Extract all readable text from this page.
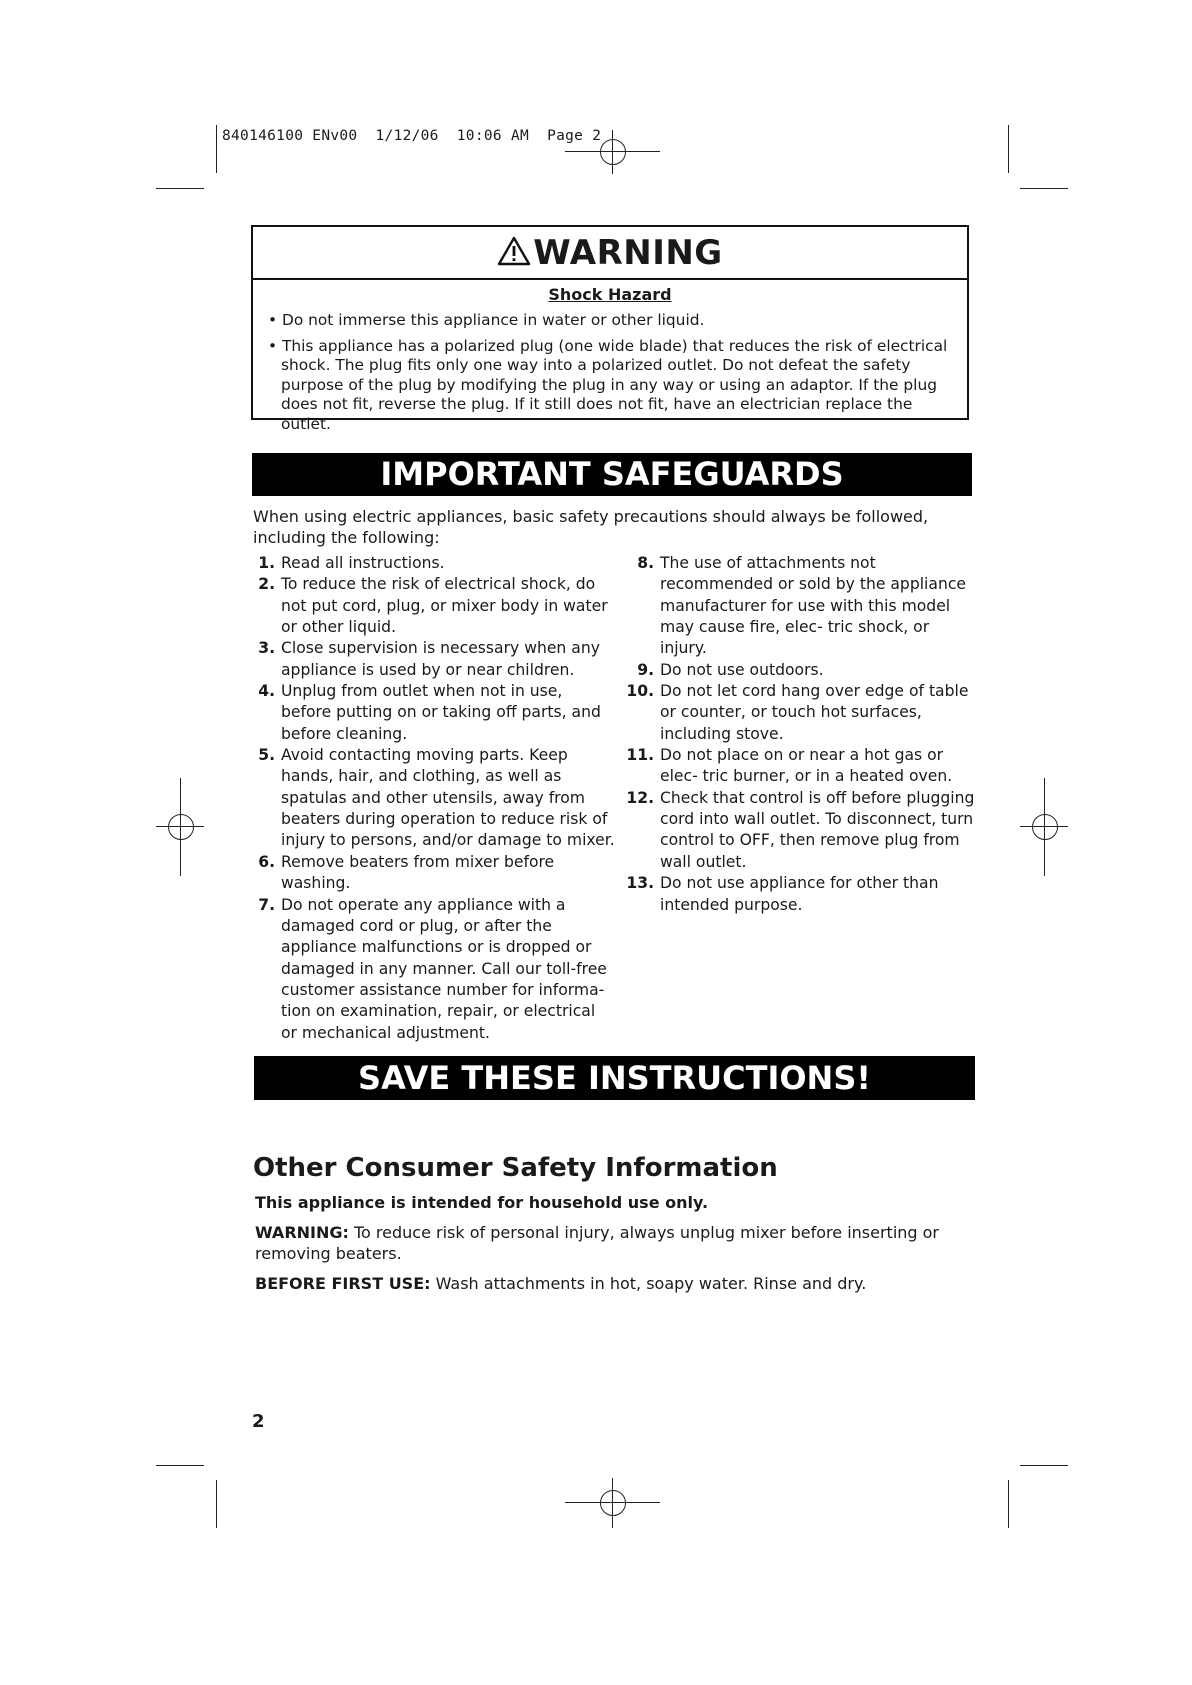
840146100 ENv00  1/12/06  10:06 AM  Page 2
WARNING
Shock Hazard
• Do not immerse this appliance in water or other liquid.
• This appliance has a polarized plug (one wide blade) that reduces the risk of electrical shock. The plug fits only one way into a polarized outlet. Do not defeat the safety purpose of the plug by modifying the plug in any way or using an adaptor. If the plug does not fit, reverse the plug. If it still does not fit, have an electrician replace the outlet.
IMPORTANT SAFEGUARDS
When using electric appliances, basic safety precautions should always be followed, including the following:
1. Read all instructions.
2. To reduce the risk of electrical shock, do not put cord, plug, or mixer body in water or other liquid.
3. Close supervision is necessary when any appliance is used by or near children.
4. Unplug from outlet when not in use, before putting on or taking off parts, and before cleaning.
5. Avoid contacting moving parts. Keep hands, hair, and clothing, as well as spatulas and other utensils, away from beaters during operation to reduce risk of injury to persons, and/or damage to mixer.
6. Remove beaters from mixer before washing.
7. Do not operate any appliance with a damaged cord or plug, or after the appliance malfunctions or is dropped or damaged in any manner. Call our toll-free customer assistance number for informa- tion on examination, repair, or electrical or mechanical adjustment.
8. The use of attachments not recommended or sold by the appliance manufacturer for use with this model may cause fire, elec- tric shock, or injury.
9. Do not use outdoors.
10. Do not let cord hang over edge of table or counter, or touch hot surfaces, including stove.
11. Do not place on or near a hot gas or elec- tric burner, or in a heated oven.
12. Check that control is off before plugging cord into wall outlet. To disconnect, turn control to OFF, then remove plug from wall outlet.
13. Do not use appliance for other than intended purpose.
SAVE THESE INSTRUCTIONS!
Other Consumer Safety Information
This appliance is intended for household use only.
WARNING: To reduce risk of personal injury, always unplug mixer before inserting or removing beaters.
BEFORE FIRST USE: Wash attachments in hot, soapy water. Rinse and dry.
2
